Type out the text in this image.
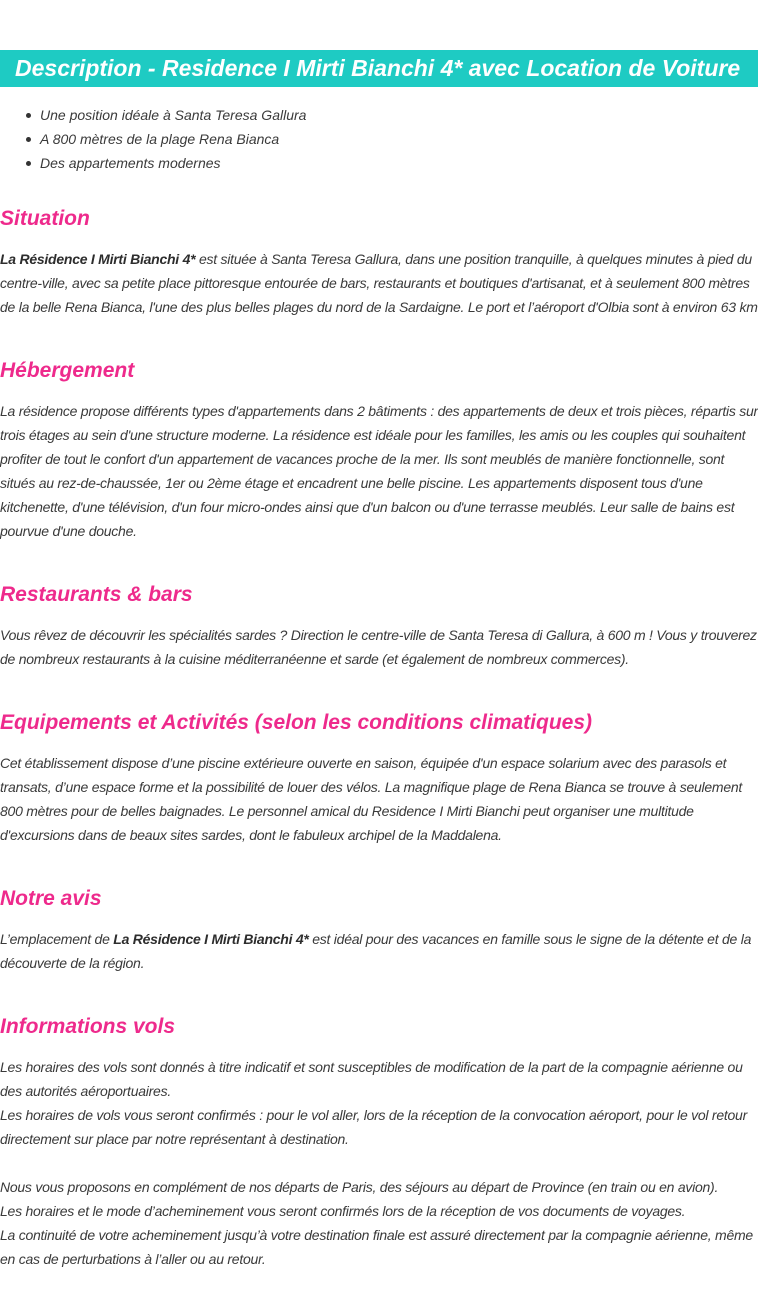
Description - Residence I Mirti Bianchi 4* avec Location de Voiture
Une position idéale à Santa Teresa Gallura
A 800 mètres de la plage Rena Bianca
Des appartements modernes
Situation

La Résidence I Mirti Bianchi 4* est située à Santa Teresa Gallura, dans une position tranquille, à quelques minutes à pied du centre-ville, avec sa petite place pittoresque entourée de bars, restaurants et boutiques d'artisanat, et à seulement 800 mètres de la belle Rena Bianca, l'une des plus belles plages du nord de la Sardaigne. Le port et l’aéroport d'Olbia sont à environ 63 km

Hébergement

La résidence propose différents types d'appartements dans 2 bâtiments : des appartements de deux et trois pièces, répartis sur trois étages au sein d'une structure moderne. La résidence est idéale pour les familles, les amis ou les couples qui souhaitent profiter de tout le confort d'un appartement de vacances proche de la mer. Ils sont meublés de manière fonctionnelle, sont situés au rez-de-chaussée, 1er ou 2ème étage et encadrent une belle piscine. Les appartements disposent tous d'une kitchenette, d'une télévision, d'un four micro-ondes ainsi que d'un balcon ou d'une terrasse meublés. Leur salle de bains est pourvue d'une douche.

Restaurants & bars

Vous rêvez de découvrir les spécialités sardes ? Direction le centre-ville de Santa Teresa di Gallura, à 600 m ! Vous y trouverez de nombreux restaurants à la cuisine méditerranéenne et sarde (et également de nombreux commerces).

Equipements et Activités (selon les conditions climatiques)

Cet établissement dispose d’une piscine extérieure ouverte en saison, équipée d'un espace solarium avec des parasols et transats, d’une espace forme et la possibilité de louer des vélos. La magnifique plage de Rena Bianca se trouve à seulement 800 mètres pour de belles baignades. Le personnel amical du Residence I Mirti Bianchi peut organiser une multitude d'excursions dans de beaux sites sardes, dont le fabuleux archipel de la Maddalena.

Notre avis

L’emplacement de La Résidence I Mirti Bianchi 4* est idéal pour des vacances en famille sous le signe de la détente et de la découverte de la région.

Informations vols

Les horaires des vols sont donnés à titre indicatif et sont susceptibles de modification de la part de la compagnie aérienne ou des autorités aéroportuaires.
Les horaires de vols vous seront confirmés : pour le vol aller, lors de la réception de la convocation aéroport, pour le vol retour directement sur place par notre représentant à destination.

Nous vous proposons en complément de nos départs de Paris, des séjours au départ de Province (en train ou en avion).
Les horaires et le mode d’acheminement vous seront confirmés lors de la réception de vos documents de voyages.
La continuité de votre acheminement jusqu’à votre destination finale est assuré directement par la compagnie aérienne, même en cas de perturbations à l’aller ou au retour.
